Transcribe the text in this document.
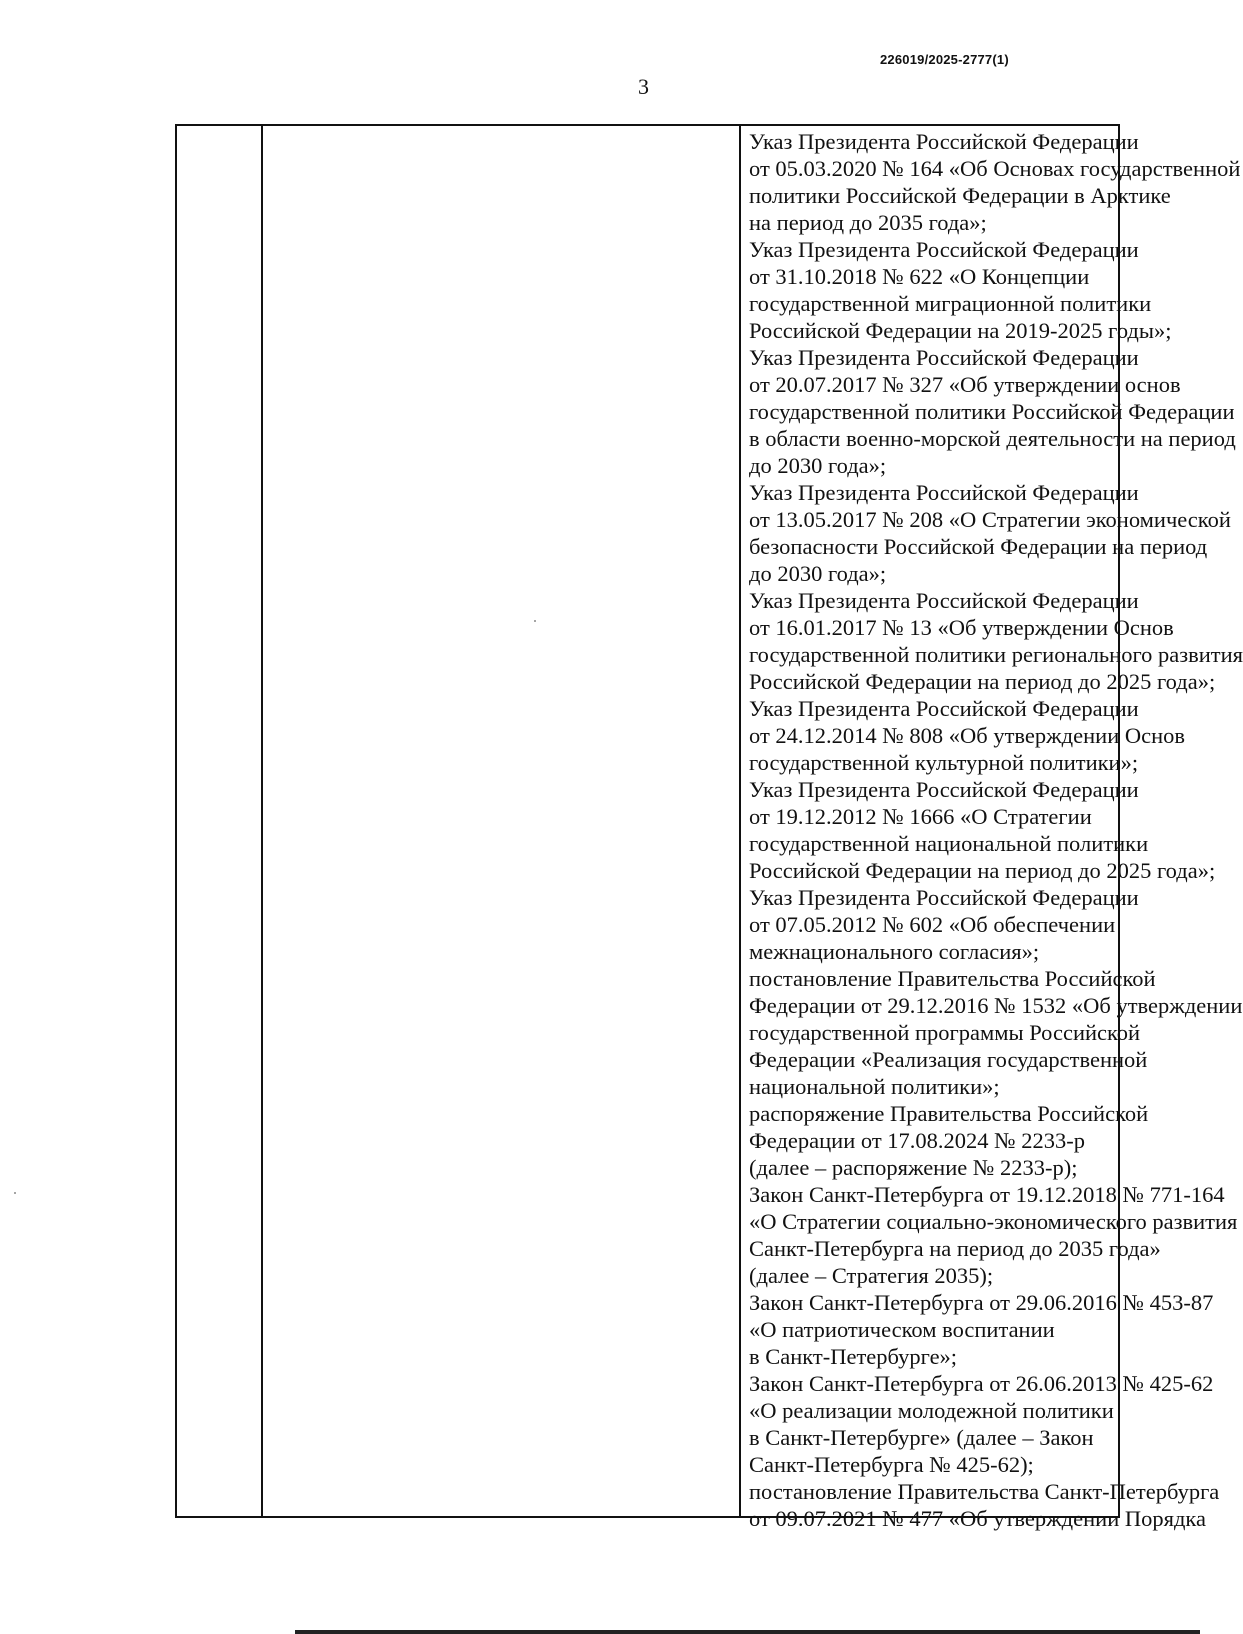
226019/2025-2777(1)
3
Указ Президента Российской Федерации
от 05.03.2020 № 164 «Об Основах государственной
политики Российской Федерации в Арктике
на период до 2035 года»;
Указ Президента Российской Федерации
от 31.10.2018 № 622 «О Концепции
государственной миграционной политики
Российской Федерации на 2019-2025 годы»;
Указ Президента Российской Федерации
от 20.07.2017 № 327 «Об утверждении основ
государственной политики Российской Федерации
в области военно-морской деятельности на период
до 2030 года»;
Указ Президента Российской Федерации
от 13.05.2017 № 208 «О Стратегии экономической
безопасности Российской Федерации на период
до 2030 года»;
Указ Президента Российской Федерации
от 16.01.2017 № 13 «Об утверждении Основ
государственной политики регионального развития
Российской Федерации на период до 2025 года»;
Указ Президента Российской Федерации
от 24.12.2014 № 808 «Об утверждении Основ
государственной культурной политики»;
Указ Президента Российской Федерации
от 19.12.2012 № 1666 «О Стратегии
государственной национальной политики
Российской Федерации на период до 2025 года»;
Указ Президента Российской Федерации
от 07.05.2012 № 602 «Об обеспечении
межнационального согласия»;
постановление Правительства Российской
Федерации от 29.12.2016 № 1532 «Об утверждении
государственной программы Российской
Федерации «Реализация государственной
национальной политики»;
распоряжение Правительства Российской
Федерации от 17.08.2024 № 2233-р
(далее – распоряжение № 2233-р);
Закон Санкт-Петербурга от 19.12.2018 № 771-164
«О Стратегии социально-экономического развития
Санкт-Петербурга на период до 2035 года»
(далее – Стратегия 2035);
Закон Санкт-Петербурга от 29.06.2016 № 453-87
«О патриотическом воспитании
в Санкт-Петербурге»;
Закон Санкт-Петербурга от 26.06.2013 № 425-62
«О реализации молодежной политики
в Санкт-Петербурге» (далее – Закон
Санкт-Петербурга № 425-62);
постановление Правительства Санкт-Петербурга
от 09.07.2021 № 477 «Об утверждении Порядка
